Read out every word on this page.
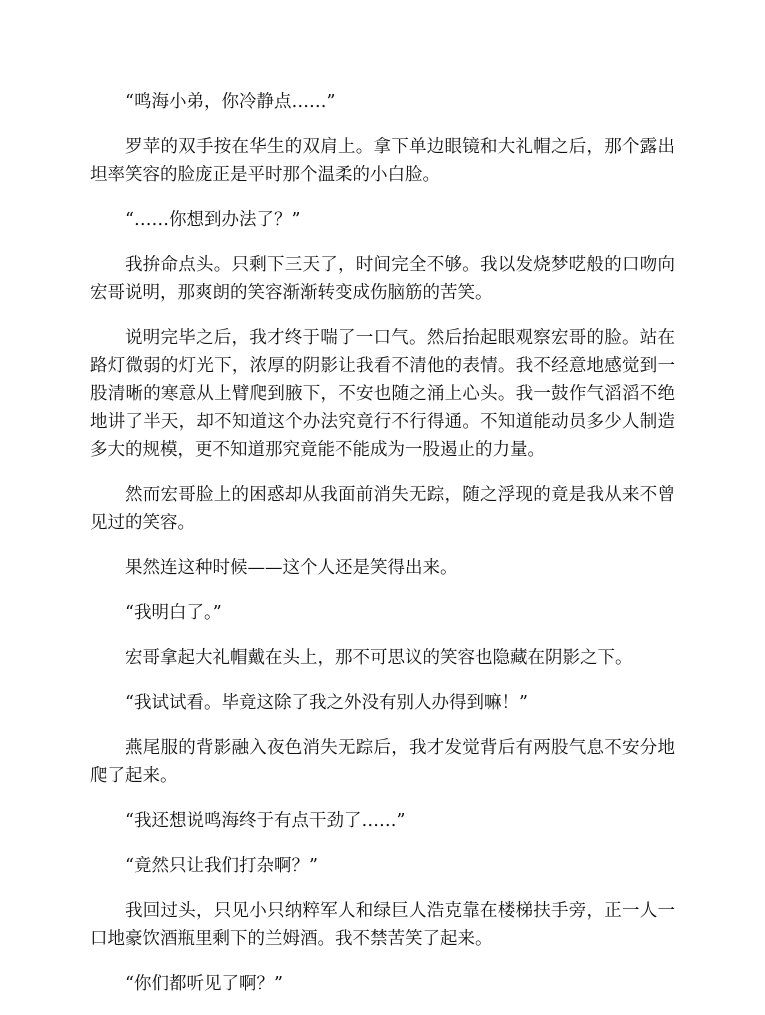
“鸣海小弟，你冷静点……”

罗苹的双手按在华生的双肩上。拿下单边眼镜和大礼帽之后，那个露出坦率笑容的脸庞正是平时那个温柔的小白脸。

“……你想到办法了？”

我拚命点头。只剩下三天了，时间完全不够。我以发烧梦呓般的口吻向宏哥说明，那爽朗的笑容渐渐转变成伤脑筋的苦笑。

说明完毕之后，我才终于喘了一口气。然后抬起眼观察宏哥的脸。站在路灯微弱的灯光下，浓厚的阴影让我看不清他的表情。我不经意地感觉到一股清晰的寒意从上臂爬到腋下，不安也随之涌上心头。我一鼓作气滔滔不绝地讲了半天，却不知道这个办法究竟行不行得通。不知道能动员多少人制造多大的规模，更不知道那究竟能不能成为一股遏止的力量。

然而宏哥脸上的困惑却从我面前消失无踪，随之浮现的竟是我从来不曾见过的笑容。

果然连这种时候——这个人还是笑得出来。

“我明白了。”

宏哥拿起大礼帽戴在头上，那不可思议的笑容也隐藏在阴影之下。

“我试试看。毕竟这除了我之外没有别人办得到嘛！”

燕尾服的背影融入夜色消失无踪后，我才发觉背后有两股气息不安分地爬了起来。

“我还想说鸣海终于有点干劲了……”

“竟然只让我们打杂啊？”

我回过头，只见小只纳粹军人和绿巨人浩克靠在楼梯扶手旁，正一人一口地豪饮酒瓶里剩下的兰姆酒。我不禁苦笑了起来。

“你们都听见了啊？”
